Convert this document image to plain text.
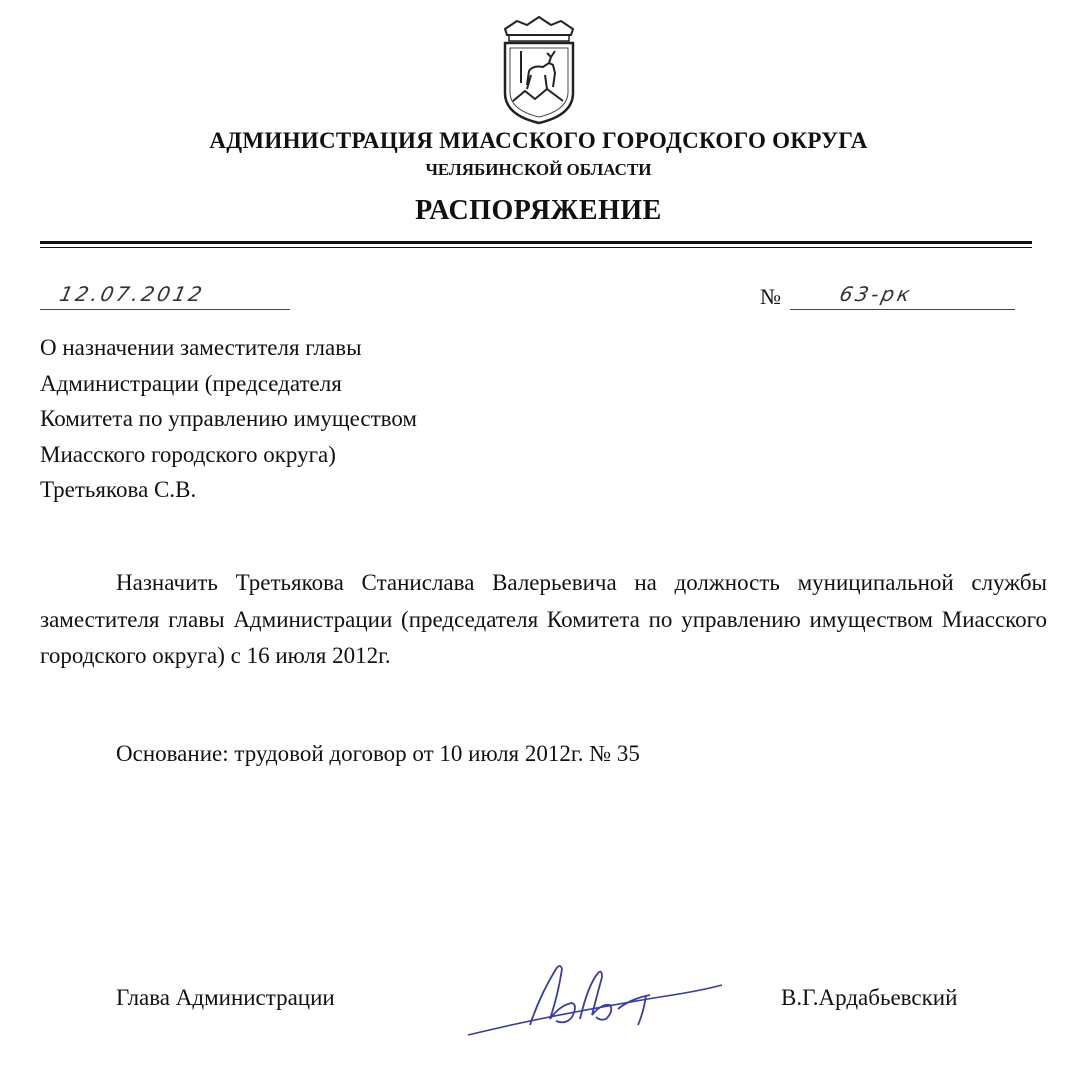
АДМИНИСТРАЦИЯ МИАССКОГО ГОРОДСКОГО ОКРУГА
ЧЕЛЯБИНСКОЙ ОБЛАСТИ
РАСПОРЯЖЕНИЕ
12.07.2012	№	63-рк
О назначении заместителя главы
Администрации (председателя
Комитета по управлению имуществом
Миасского городского округа)
Третьякова С.В.
Назначить Третьякова Станислава Валерьевича на должность муниципальной службы заместителя главы Администрации (председателя Комитета по управлению имуществом Миасского городского округа) с 16 июля 2012г.
Основание: трудовой договор от 10 июля 2012г. № 35
Глава Администрации	В.Г.Ардабьевский
